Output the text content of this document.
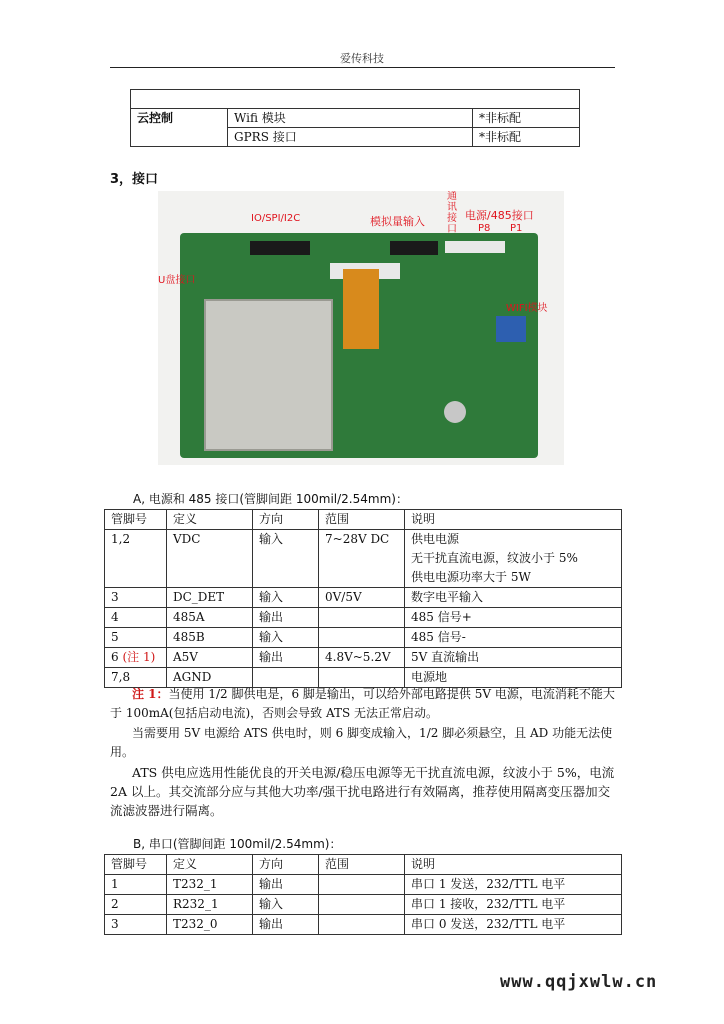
爱传科技

云控制	Wifi 模块	*非标配
	GPRS 接口	*非标配
3，接口
IO/SPI/I2C	模拟量输入
通讯接口
电源/485接口
P8 P1
U盘接口
WIFI模块
A, 电源和 485 接口(管脚间距 100mil/2.54mm)：
管脚号	定义	方向	范围	说明
1,2	VDC	输入	7~28V DC	供电电源
无干扰直流电源，纹波小于 5%
供电电源功率大于 5W

3	DC_DET	输入	0V/5V	数字电平输入
4	485A	输出		485 信号+
5	485B	输入		485 信号-
6 (注 1)	A5V	输出	4.8V~5.2V	5V 直流输出
7,8	AGND			电源地
注 1：当使用 1/2 脚供电是，6 脚是输出，可以给外部电路提供 5V 电源，电流消耗不能大于 100mA(包括启动电流)，否则会导致 ATS 无法正常启动。
当需要用 5V 电源给 ATS 供电时，则 6 脚变成输入，1/2 脚必须悬空，且 AD 功能无法使用。
ATS 供电应选用性能优良的开关电源/稳压电源等无干扰直流电源，纹波小于 5%，电流 2A 以上。其交流部分应与其他大功率/强干扰电路进行有效隔离，推荐使用隔离变压器加交流滤波器进行隔离。
B, 串口(管脚间距 100mil/2.54mm)：
管脚号	定义	方向	范围	说明
1	T232_1	输出		串口 1 发送，232/TTL 电平
2	R232_1	输入		串口 1 接收，232/TTL 电平
3	T232_0	输出		串口 0 发送，232/TTL 电平
www.qqjxwlw.cn
